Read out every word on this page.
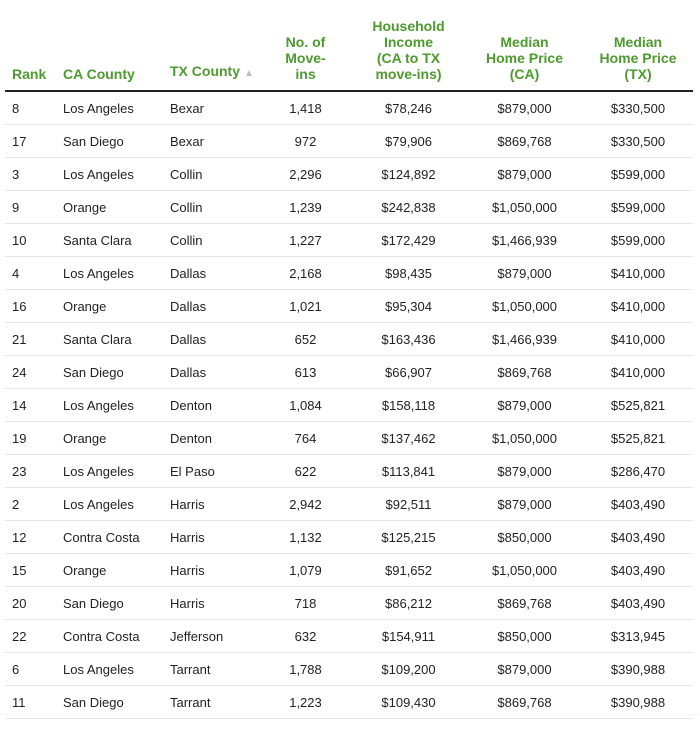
Rank	CA County	TX County ▲	No. of
Move-
ins	Household
Income
(CA to TX
move-ins)	Median
Home Price
(CA)	Median
Home Price
(TX)
8	Los Angeles	Bexar	1,418	$78,246	$879,000	$330,500
17	San Diego	Bexar	972	$79,906	$869,768	$330,500
3	Los Angeles	Collin	2,296	$124,892	$879,000	$599,000
9	Orange	Collin	1,239	$242,838	$1,050,000	$599,000
10	Santa Clara	Collin	1,227	$172,429	$1,466,939	$599,000
4	Los Angeles	Dallas	2,168	$98,435	$879,000	$410,000
16	Orange	Dallas	1,021	$95,304	$1,050,000	$410,000
21	Santa Clara	Dallas	652	$163,436	$1,466,939	$410,000
24	San Diego	Dallas	613	$66,907	$869,768	$410,000
14	Los Angeles	Denton	1,084	$158,118	$879,000	$525,821
19	Orange	Denton	764	$137,462	$1,050,000	$525,821
23	Los Angeles	El Paso	622	$113,841	$879,000	$286,470
2	Los Angeles	Harris	2,942	$92,511	$879,000	$403,490
12	Contra Costa	Harris	1,132	$125,215	$850,000	$403,490
15	Orange	Harris	1,079	$91,652	$1,050,000	$403,490
20	San Diego	Harris	718	$86,212	$869,768	$403,490
22	Contra Costa	Jefferson	632	$154,911	$850,000	$313,945
6	Los Angeles	Tarrant	1,788	$109,200	$879,000	$390,988
11	San Diego	Tarrant	1,223	$109,430	$869,768	$390,988
